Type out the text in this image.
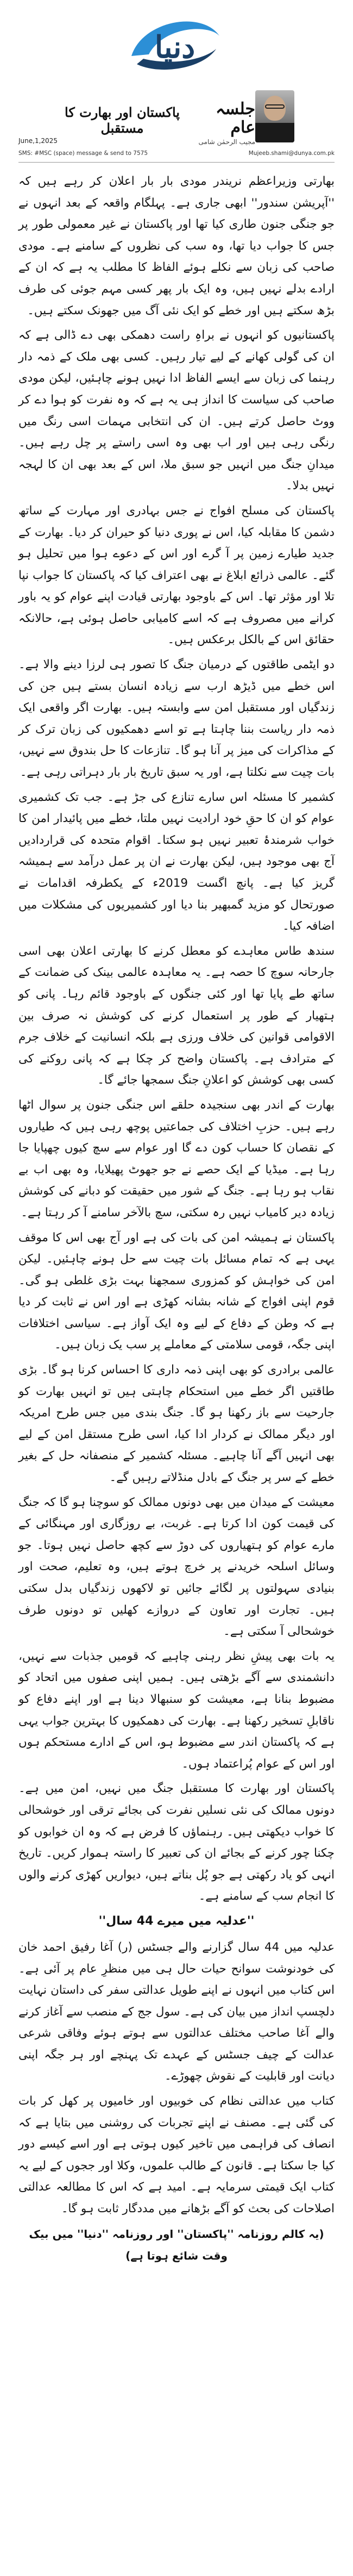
دنیا
جلسہ عام
مجیب الرحمٰن شامی
پاکستان اور بھارت کا مستقبل
June,1,2025
SMS: #MSC (space) message & send to 7575	Mujeeb.shami@dunya.com.pk

بھارتی وزیراعظم نریندر مودی بار بار اعلان کر رہے ہیں کہ ''آپریشن سندور'' ابھی جاری ہے۔ پہلگام واقعہ کے بعد انہوں نے جو جنگی جنون طاری کیا تھا اور پاکستان نے غیر معمولی طور پر جس کا جواب دیا تھا، وہ سب کی نظروں کے سامنے ہے۔ مودی صاحب کی زبان سے نکلے ہوئے الفاظ کا مطلب یہ ہے کہ ان کے ارادے بدلے نہیں ہیں، وہ ایک بار پھر کسی مہم جوئی کی طرف بڑھ سکتے ہیں اور خطے کو ایک نئی آگ میں جھونک سکتے ہیں۔

پاکستانیوں کو انہوں نے براہِ راست دھمکی بھی دے ڈالی ہے کہ ان کی گولی کھانے کے لیے تیار رہیں۔ کسی بھی ملک کے ذمہ دار رہنما کی زبان سے ایسے الفاظ ادا نہیں ہونے چاہئیں، لیکن مودی صاحب کی سیاست کا انداز ہی یہ ہے کہ وہ نفرت کو ہوا دے کر ووٹ حاصل کرتے ہیں۔ ان کی انتخابی مہمات اسی رنگ میں رنگی رہی ہیں اور اب بھی وہ اسی راستے پر چل رہے ہیں۔ میدانِ جنگ میں انہیں جو سبق ملا، اس کے بعد بھی ان کا لہجہ نہیں بدلا۔

پاکستان کی مسلح افواج نے جس بہادری اور مہارت کے ساتھ دشمن کا مقابلہ کیا، اس نے پوری دنیا کو حیران کر دیا۔ بھارت کے جدید طیارے زمین پر آ گرے اور اس کے دعوے ہوا میں تحلیل ہو گئے۔ عالمی ذرائع ابلاغ نے بھی اعتراف کیا کہ پاکستان کا جواب نپا تلا اور مؤثر تھا۔ اس کے باوجود بھارتی قیادت اپنے عوام کو یہ باور کرانے میں مصروف ہے کہ اسے کامیابی حاصل ہوئی ہے، حالانکہ حقائق اس کے بالکل برعکس ہیں۔

دو ایٹمی طاقتوں کے درمیان جنگ کا تصور ہی لرزا دینے والا ہے۔ اس خطے میں ڈیڑھ ارب سے زیادہ انسان بستے ہیں جن کی زندگیاں اور مستقبل امن سے وابستہ ہیں۔ بھارت اگر واقعی ایک ذمہ دار ریاست بننا چاہتا ہے تو اسے دھمکیوں کی زبان ترک کر کے مذاکرات کی میز پر آنا ہو گا۔ تنازعات کا حل بندوق سے نہیں، بات چیت سے نکلتا ہے، اور یہ سبق تاریخ بار بار دہراتی رہی ہے۔

کشمیر کا مسئلہ اس سارے تنازع کی جڑ ہے۔ جب تک کشمیری عوام کو ان کا حقِ خود ارادیت نہیں ملتا، خطے میں پائیدار امن کا خواب شرمندۂ تعبیر نہیں ہو سکتا۔ اقوام متحدہ کی قراردادیں آج بھی موجود ہیں، لیکن بھارت نے ان پر عمل درآمد سے ہمیشہ گریز کیا ہے۔ پانچ اگست 2019ء کے یکطرفہ اقدامات نے صورتحال کو مزید گمبھیر بنا دیا اور کشمیریوں کی مشکلات میں اضافہ کیا۔

سندھ طاس معاہدے کو معطل کرنے کا بھارتی اعلان بھی اسی جارحانہ سوچ کا حصہ ہے۔ یہ معاہدہ عالمی بینک کی ضمانت کے ساتھ طے پایا تھا اور کئی جنگوں کے باوجود قائم رہا۔ پانی کو ہتھیار کے طور پر استعمال کرنے کی کوشش نہ صرف بین الاقوامی قوانین کی خلاف ورزی ہے بلکہ انسانیت کے خلاف جرم کے مترادف ہے۔ پاکستان واضح کر چکا ہے کہ پانی روکنے کی کسی بھی کوشش کو اعلانِ جنگ سمجھا جائے گا۔

بھارت کے اندر بھی سنجیدہ حلقے اس جنگی جنون پر سوال اٹھا رہے ہیں۔ حزبِ اختلاف کی جماعتیں پوچھ رہی ہیں کہ طیاروں کے نقصان کا حساب کون دے گا اور عوام سے سچ کیوں چھپایا جا رہا ہے۔ میڈیا کے ایک حصے نے جو جھوٹ پھیلایا، وہ بھی اب بے نقاب ہو رہا ہے۔ جنگ کے شور میں حقیقت کو دبانے کی کوشش زیادہ دیر کامیاب نہیں رہ سکتی، سچ بالآخر سامنے آ کر رہتا ہے۔

پاکستان نے ہمیشہ امن کی بات کی ہے اور آج بھی اس کا موقف یہی ہے کہ تمام مسائل بات چیت سے حل ہونے چاہئیں۔ لیکن امن کی خواہش کو کمزوری سمجھنا بہت بڑی غلطی ہو گی۔ قوم اپنی افواج کے شانہ بشانہ کھڑی ہے اور اس نے ثابت کر دیا ہے کہ وطن کے دفاع کے لیے وہ ایک آواز ہے۔ سیاسی اختلافات اپنی جگہ، قومی سلامتی کے معاملے پر سب یک زبان ہیں۔

عالمی برادری کو بھی اپنی ذمہ داری کا احساس کرنا ہو گا۔ بڑی طاقتیں اگر خطے میں استحکام چاہتی ہیں تو انہیں بھارت کو جارحیت سے باز رکھنا ہو گا۔ جنگ بندی میں جس طرح امریکہ اور دیگر ممالک نے کردار ادا کیا، اسی طرح مستقل امن کے لیے بھی انہیں آگے آنا چاہیے۔ مسئلہ کشمیر کے منصفانہ حل کے بغیر خطے کے سر پر جنگ کے بادل منڈلاتے رہیں گے۔

معیشت کے میدان میں بھی دونوں ممالک کو سوچنا ہو گا کہ جنگ کی قیمت کون ادا کرتا ہے۔ غربت، بے روزگاری اور مہنگائی کے مارے عوام کو ہتھیاروں کی دوڑ سے کچھ حاصل نہیں ہوتا۔ جو وسائل اسلحہ خریدنے پر خرچ ہوتے ہیں، وہ تعلیم، صحت اور بنیادی سہولتوں پر لگائے جائیں تو لاکھوں زندگیاں بدل سکتی ہیں۔ تجارت اور تعاون کے دروازے کھلیں تو دونوں طرف خوشحالی آ سکتی ہے۔

یہ بات بھی پیشِ نظر رہنی چاہیے کہ قومیں جذبات سے نہیں، دانشمندی سے آگے بڑھتی ہیں۔ ہمیں اپنی صفوں میں اتحاد کو مضبوط بنانا ہے، معیشت کو سنبھالا دینا ہے اور اپنے دفاع کو ناقابلِ تسخیر رکھنا ہے۔ بھارت کی دھمکیوں کا بہترین جواب یہی ہے کہ پاکستان اندر سے مضبوط ہو، اس کے ادارے مستحکم ہوں اور اس کے عوام پُراعتماد ہوں۔

پاکستان اور بھارت کا مستقبل جنگ میں نہیں، امن میں ہے۔ دونوں ممالک کی نئی نسلیں نفرت کی بجائے ترقی اور خوشحالی کا خواب دیکھتی ہیں۔ رہنماؤں کا فرض ہے کہ وہ ان خوابوں کو چکنا چور کرنے کے بجائے ان کی تعبیر کا راستہ ہموار کریں۔ تاریخ انہی کو یاد رکھتی ہے جو پُل بناتے ہیں، دیواریں کھڑی کرنے والوں کا انجام سب کے سامنے ہے۔

''عدلیہ میں میرے 44 سال''

عدلیہ میں 44 سال گزارنے والے جسٹس (ر) آغا رفیق احمد خان کی خودنوشت سوانح حیات حال ہی میں منظرِ عام پر آئی ہے۔ اس کتاب میں انہوں نے اپنے طویل عدالتی سفر کی داستان نہایت دلچسپ انداز میں بیان کی ہے۔ سول جج کے منصب سے آغاز کرنے والے آغا صاحب مختلف عدالتوں سے ہوتے ہوئے وفاقی شرعی عدالت کے چیف جسٹس کے عہدے تک پہنچے اور ہر جگہ اپنی دیانت اور قابلیت کے نقوش چھوڑے۔

کتاب میں عدالتی نظام کی خوبیوں اور خامیوں پر کھل کر بات کی گئی ہے۔ مصنف نے اپنے تجربات کی روشنی میں بتایا ہے کہ انصاف کی فراہمی میں تاخیر کیوں ہوتی ہے اور اسے کیسے دور کیا جا سکتا ہے۔ قانون کے طالب علموں، وکلا اور ججوں کے لیے یہ کتاب ایک قیمتی سرمایہ ہے۔ امید ہے کہ اس کا مطالعہ عدالتی اصلاحات کی بحث کو آگے بڑھانے میں مددگار ثابت ہو گا۔

(یہ کالم روزنامہ ''پاکستان'' اور روزنامہ ''دنیا'' میں بیک وقت شائع ہوتا ہے)
